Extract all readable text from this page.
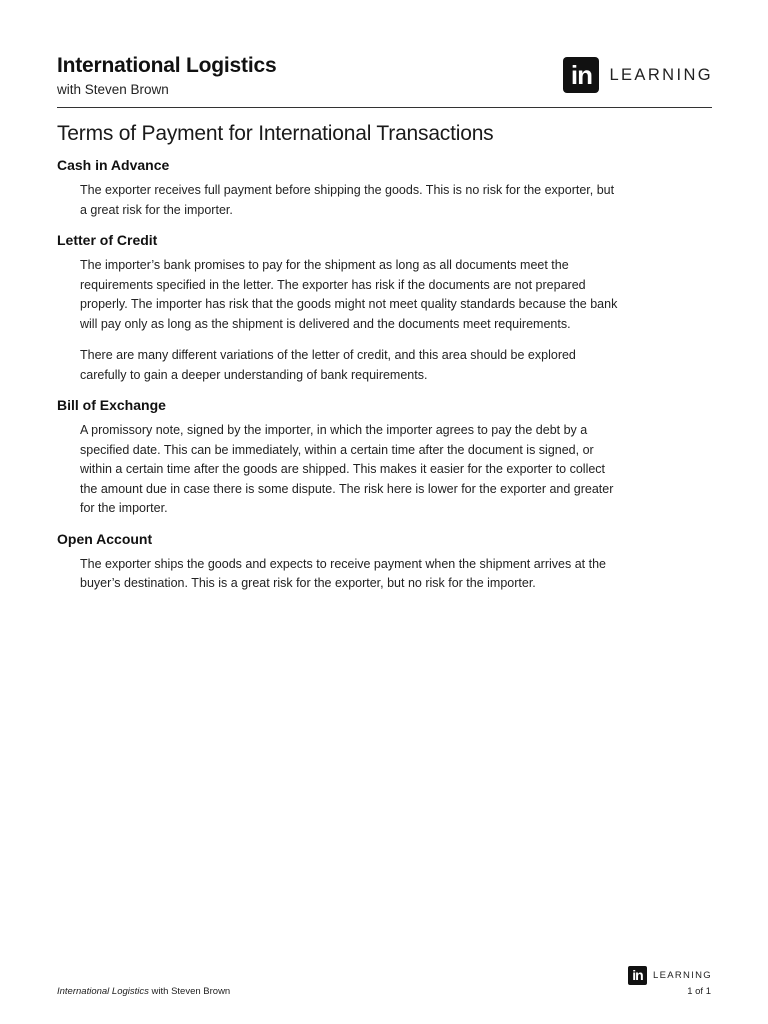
International Logistics
with Steven Brown	in	LEARNING
Terms of Payment for International Transactions
Cash in Advance

The exporter receives full payment before shipping the goods. This is no risk for the exporter, but a great risk for the importer.

Letter of Credit

The importer’s bank promises to pay for the shipment as long as all documents meet the requirements specified in the letter. The exporter has risk if the documents are not prepared properly. The importer has risk that the goods might not meet quality standards because the bank will pay only as long as the shipment is delivered and the documents meet requirements.

There are many different variations of the letter of credit, and this area should be explored carefully to gain a deeper understanding of bank requirements.

Bill of Exchange

A promissory note, signed by the importer, in which the importer agrees to pay the debt by a specified date. This can be immediately, within a certain time after the document is signed, or within a certain time after the goods are shipped. This makes it easier for the exporter to collect the amount due in case there is some dispute. The risk here is lower for the exporter and greater for the importer.

Open Account

The exporter ships the goods and expects to receive payment when the shipment arrives at the buyer’s destination. This is a great risk for the exporter, but no risk for the importer.

International Logistics with Steven Brown
in	LEARNING
1 of 1
